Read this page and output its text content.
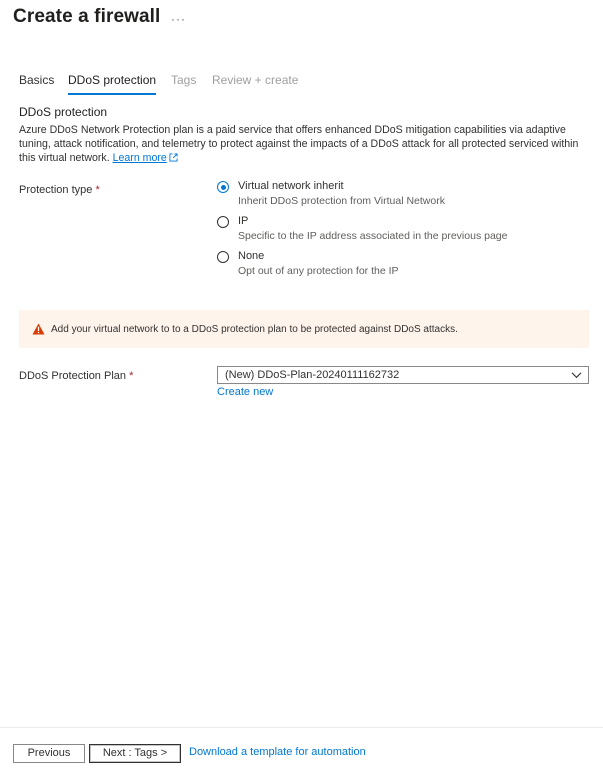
Create a firewall ···
Basics DDoS protection Tags Review + create
DDoS protection
Azure DDoS Network Protection plan is a paid service that offers enhanced DDoS mitigation capabilities via adaptive tuning, attack notification, and telemetry to protect against the impacts of a DDoS attack for all protected serviced within this virtual network. Learn more
Protection type *	Virtual network inherit
Inherit DDoS protection from Virtual Network
IP
Specific to the IP address associated in the previous page
None
Opt out of any protection for the IP
Add your virtual network to to a DDoS protection plan to be protected against DDoS attacks.
DDoS Protection Plan *	(New) DDoS-Plan-20240111162732
Create new
Previous	Next : Tags >	Download a template for automation
